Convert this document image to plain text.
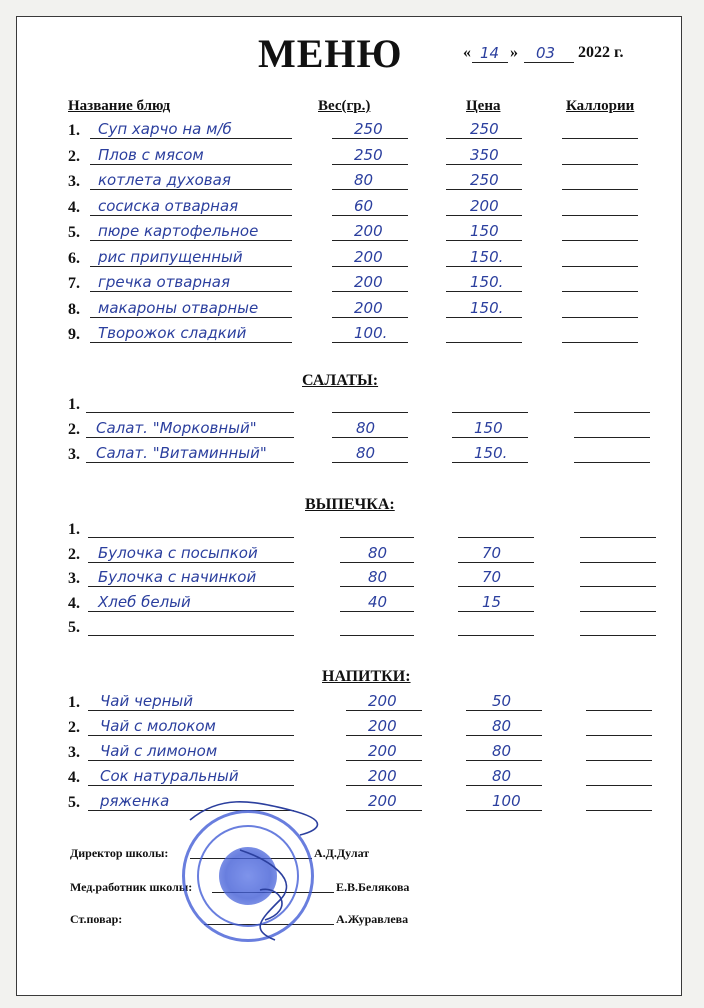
МЕНЮ	« 14 » 03 2022 г.
Название блюд	Вес(гр.)	Цена	Каллории
1. Суп харчо на м/б	250	250
2. Плов с мясом	250	350
3. котлета духовая	80	250
4. сосиска отварная	60	200
5. пюре картофельное	200	150
6. рис припущенный	200	150.
7. гречка отварная	200	150.
8. макароны отварные	200	150.
9. Творожок сладкий	100.
1.
2. Салат. "Морковный"	80	150
3. Салат. "Витаминный"	80	150.
1.
2. Булочка с посыпкой	80	70
3. Булочка с начинкой	80	70
4. Хлеб белый	40	15
5.
1. Чай черный	200	50
2. Чай с молоком	200	80
3. Чай с лимоном	200	80
4. Сок натуральный	200	80
5. ряженка	200	100
САЛАТЫ:
ВЫПЕЧКА:
НАПИТКИ:
Директор школы:	А.Д.Дулат
Мед.работник школы:	Е.В.Белякова
Ст.повар:	А.Журавлева
